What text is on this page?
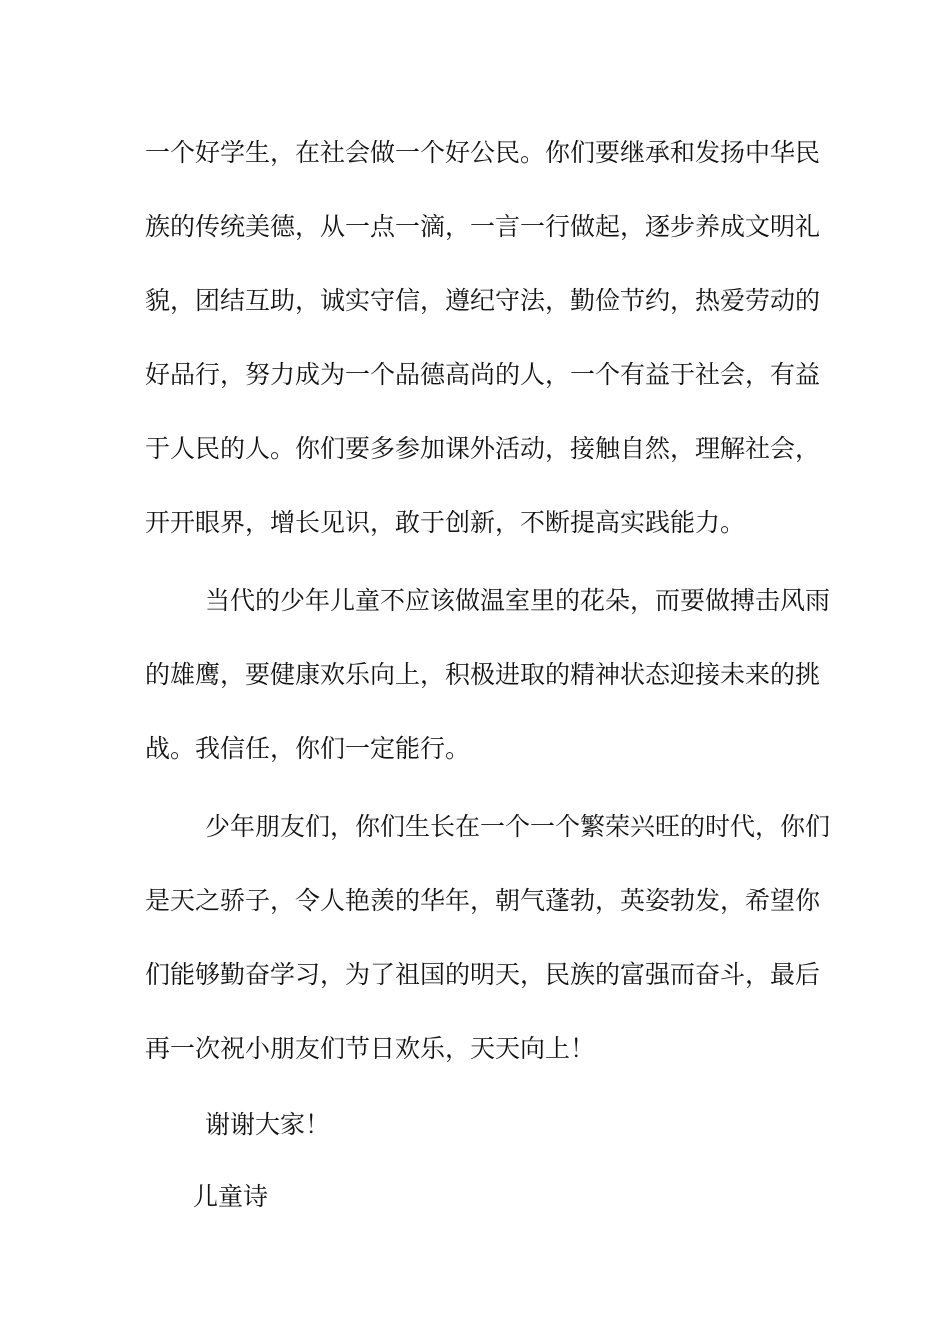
一个好学生，在社会做一个好公民。你们要继承和发扬中华民
族的传统美德，从一点一滴，一言一行做起，逐步养成文明礼
貌，团结互助，诚实守信，遵纪守法，勤俭节约，热爱劳动的
好品行，努力成为一个品德高尚的人，一个有益于社会，有益
于人民的人。你们要多参加课外活动，接触自然，理解社会，
开开眼界，增长见识，敢于创新，不断提高实践能力。
当代的少年儿童不应该做温室里的花朵，而要做搏击风雨
的雄鹰，要健康欢乐向上，积极进取的精神状态迎接未来的挑
战。我信任，你们一定能行。
少年朋友们，你们生长在一个一个繁荣兴旺的时代，你们
是天之骄子，令人艳羡的华年，朝气蓬勃，英姿勃发，希望你
们能够勤奋学习，为了祖国的明天，民族的富强而奋斗，最后
再一次祝小朋友们节日欢乐，天天向上！
谢谢大家！
儿童诗
